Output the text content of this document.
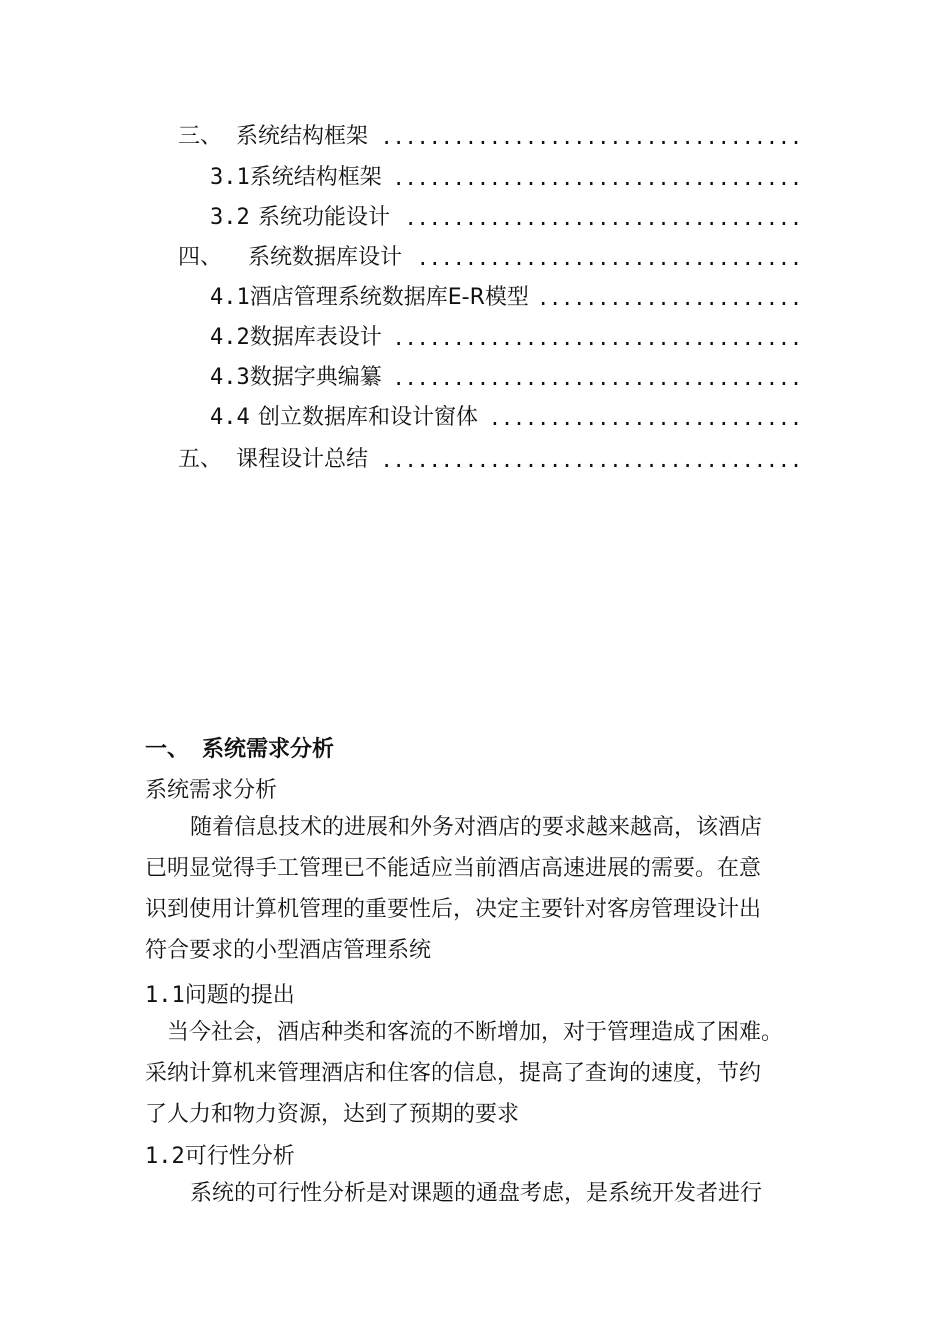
三、 系统结构框架 ...................................
3.1系统结构框架 ..................................
3.2 系统功能设计 .................................
四、 系统数据库设计 ................................
4.1酒店管理系统数据库E-R模型 ......................
4.2数据库表设计 ..................................
4.3数据字典编纂 ..................................
4.4 创立数据库和设计窗体 ..........................
五、 课程设计总结 ...................................
一、 系统需求分析
系统需求分析
随着信息技术的进展和外务对酒店的要求越来越高，该酒店
已明显觉得手工管理已不能适应当前酒店高速进展的需要。在意
识到使用计算机管理的重要性后，决定主要针对客房管理设计出
符合要求的小型酒店管理系统
1.1问题的提出
当今社会，酒店种类和客流的不断增加，对于管理造成了困难。
采纳计算机来管理酒店和住客的信息，提高了查询的速度，节约
了人力和物力资源，达到了预期的要求
1.2可行性分析
系统的可行性分析是对课题的通盘考虑，是系统开发者进行
